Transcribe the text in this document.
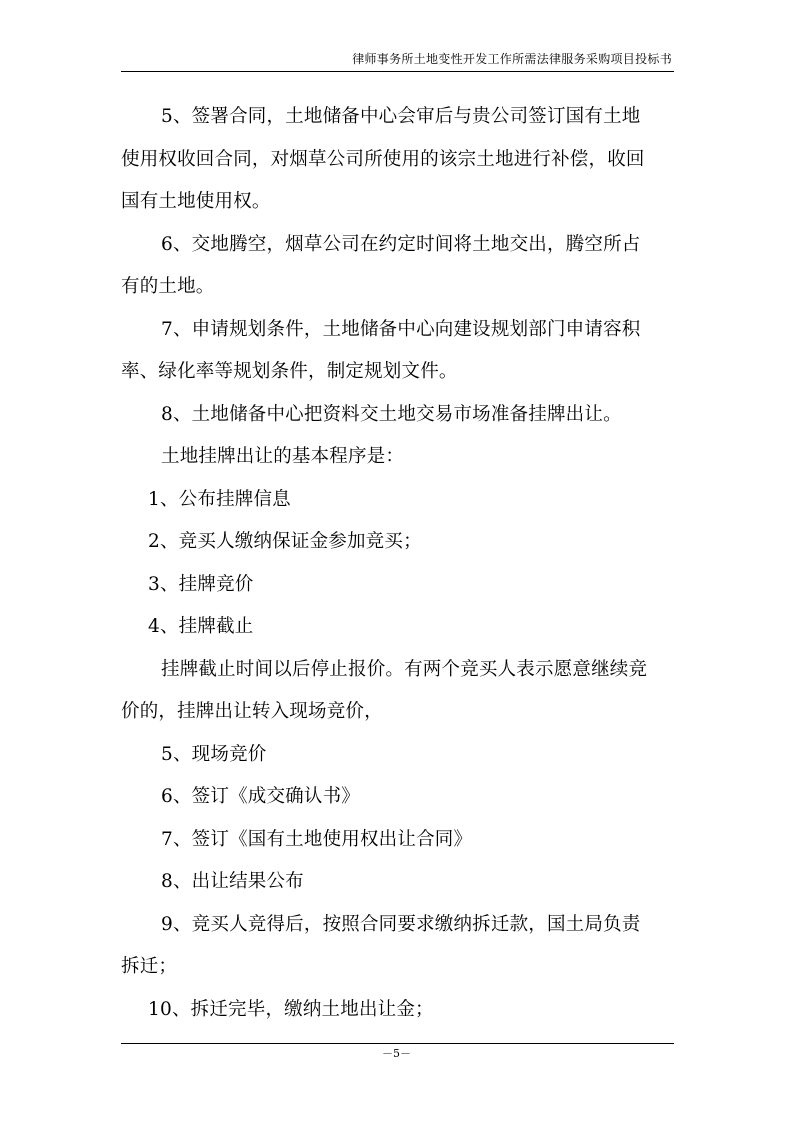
律师事务所土地变性开发工作所需法律服务采购项目投标书
5、签署合同，土地储备中心会审后与贵公司签订国有土地
使用权收回合同，对烟草公司所使用的该宗土地进行补偿，收回
国有土地使用权。
6、交地腾空，烟草公司在约定时间将土地交出，腾空所占
有的土地。
7、申请规划条件，土地储备中心向建设规划部门申请容积
率、绿化率等规划条件，制定规划文件。
8、土地储备中心把资料交土地交易市场准备挂牌出让。
土地挂牌出让的基本程序是：
1、公布挂牌信息
2、竞买人缴纳保证金参加竞买；
3、挂牌竞价
4、挂牌截止
挂牌截止时间以后停止报价。有两个竞买人表示愿意继续竞
价的，挂牌出让转入现场竞价，
5、现场竞价
6、签订《成交确认书》
7、签订《国有土地使用权出让合同》
8、出让结果公布
9、竞买人竞得后，按照合同要求缴纳拆迁款，国土局负责
拆迁；
10、拆迁完毕，缴纳土地出让金；
－5－
